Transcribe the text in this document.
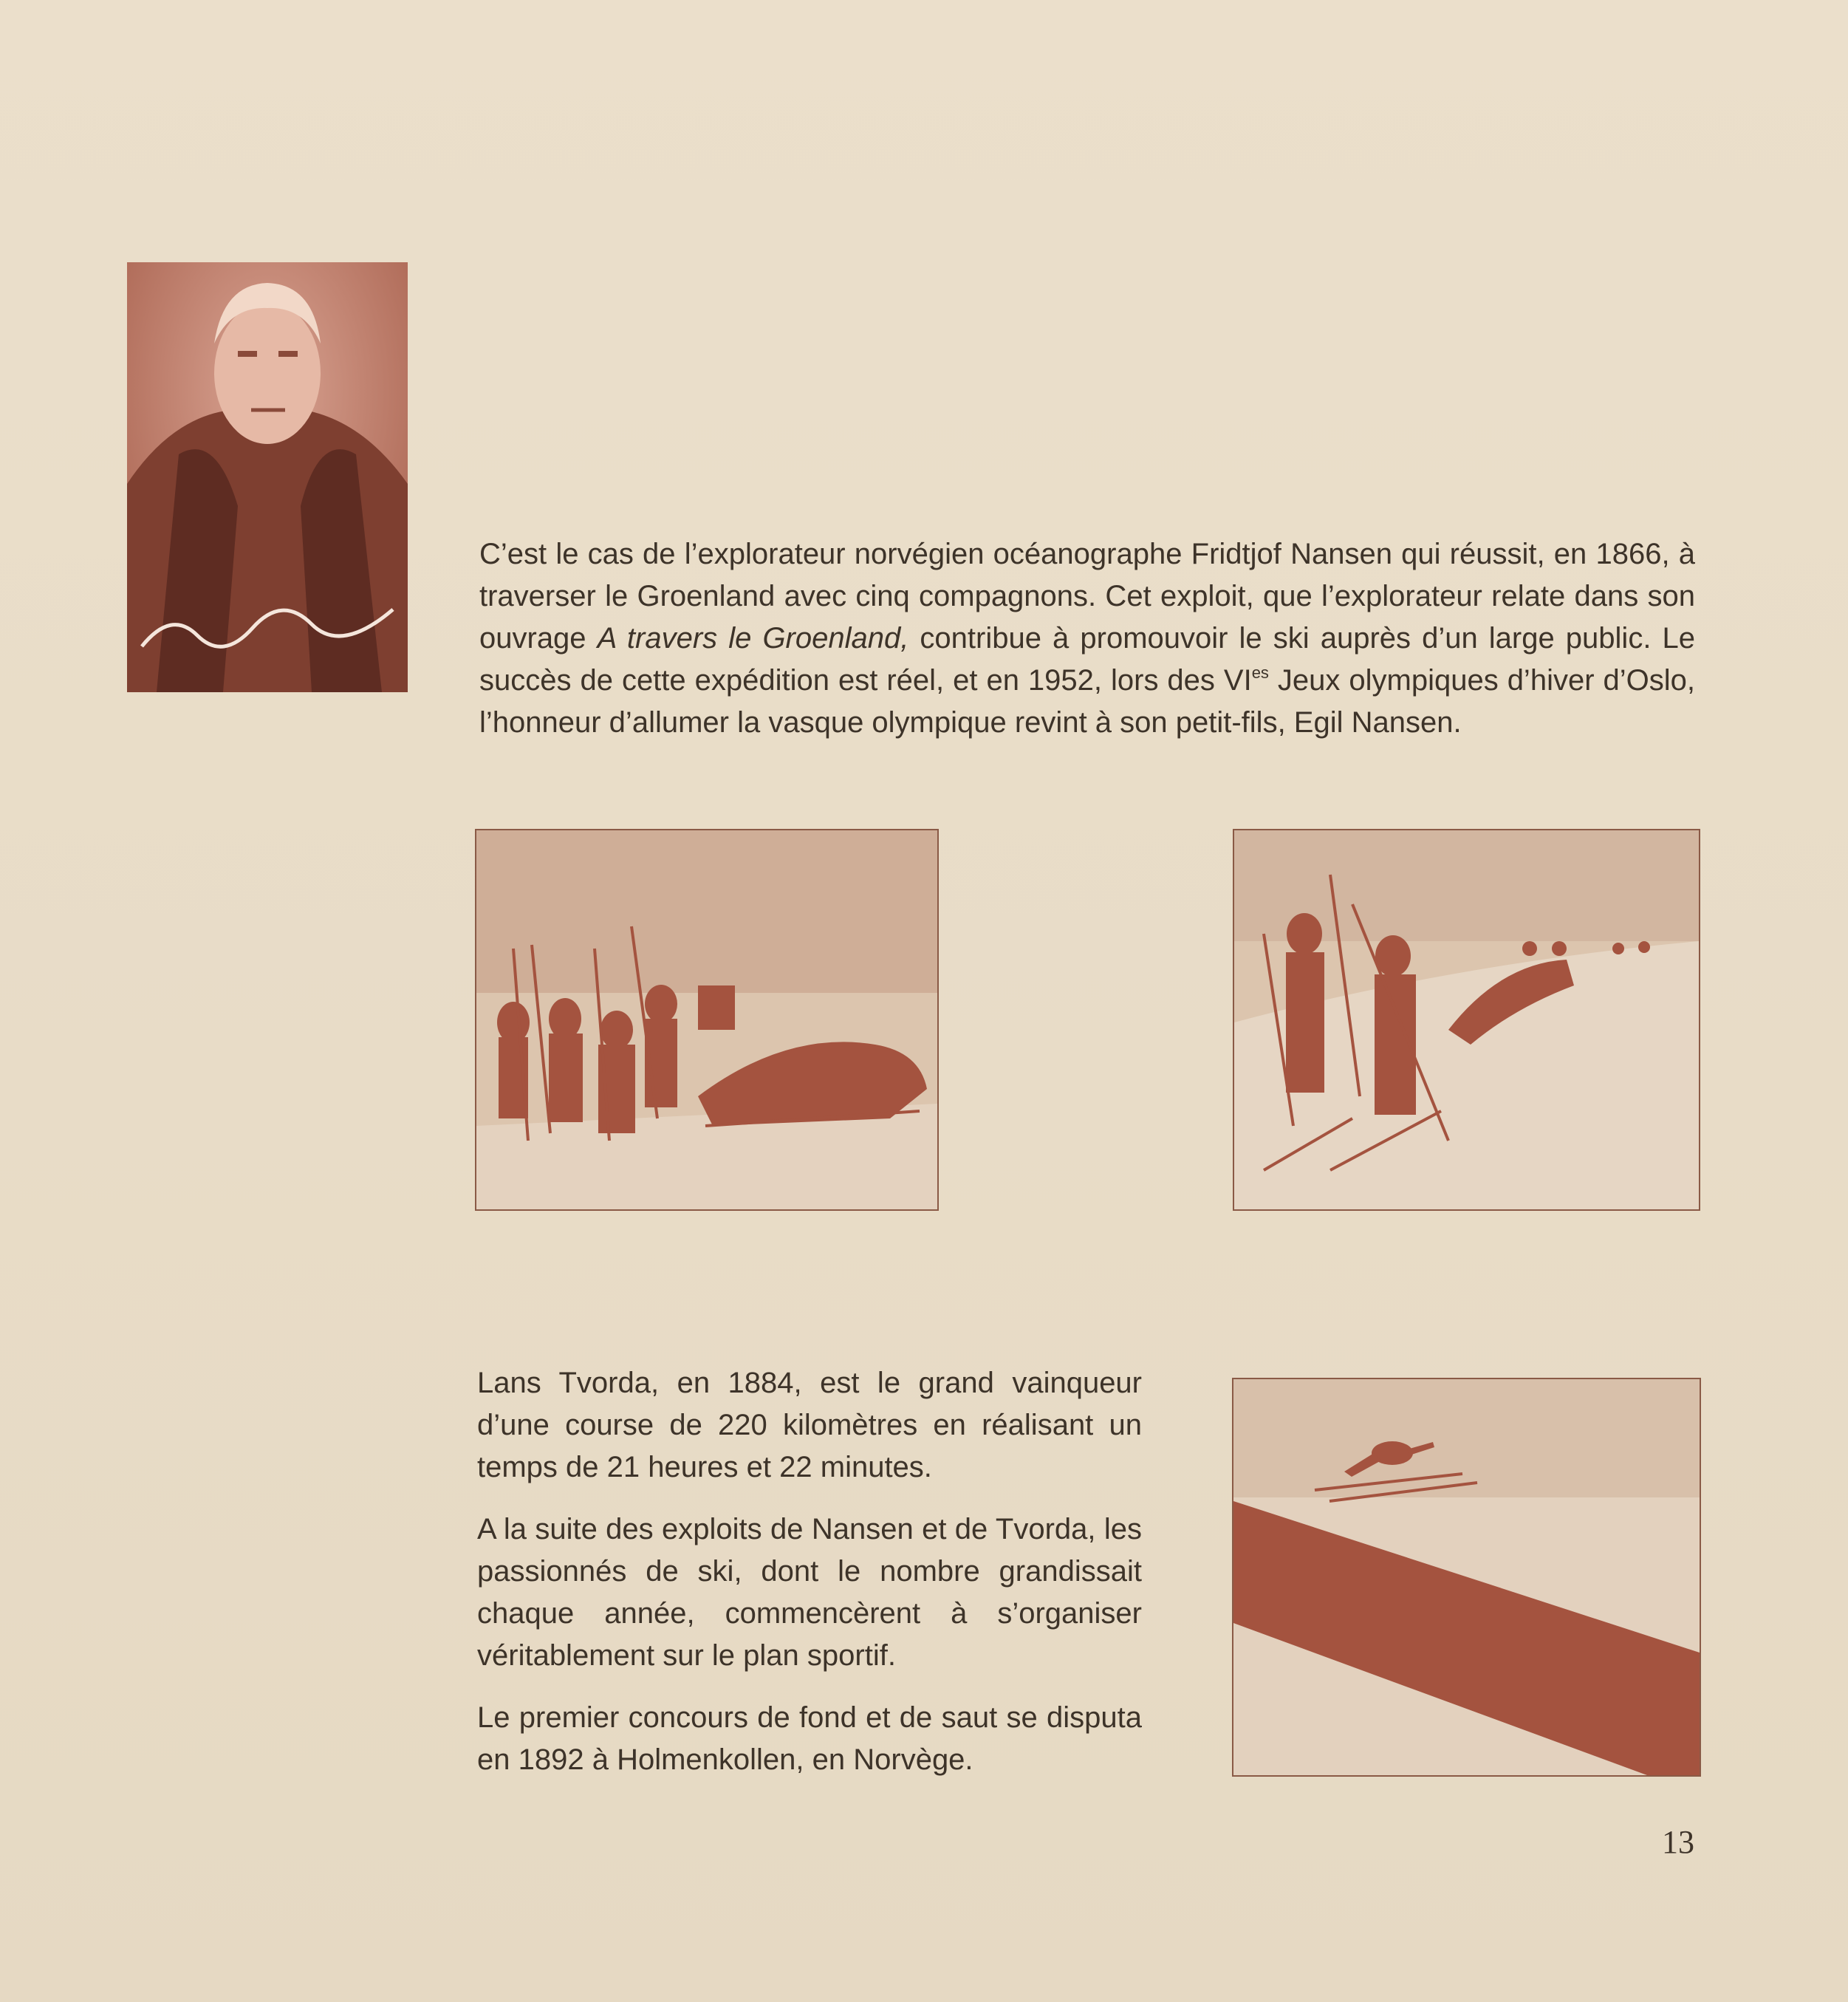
C’est le cas de l’explorateur norvégien océanographe Fridtjof Nansen qui réussit, en 1866, à traverser le Groenland avec cinq compagnons. Cet exploit, que l’explorateur relate dans son ouvrage A travers le Groenland, contribue à promouvoir le ski auprès d’un large public. Le succès de cette expédition est réel, et en 1952, lors des $VI^{es}$ Jeux olympiques d’hiver d’Oslo, l’honneur d’allumer la vasque olympique revint à son petit-fils, Egil Nansen.

Lans Tvorda, en 1884, est le grand vainqueur d’une course de 220 kilomètres en réalisant un temps de 21 heures et 22 minutes.

A la suite des exploits de Nansen et de Tvorda, les passionnés de ski, dont le nombre grandissait chaque année, commencèrent à s’organiser véritablement sur le plan sportif.

Le premier concours de fond et de saut se disputa en 1892 à Holmenkollen, en Norvège.

13
